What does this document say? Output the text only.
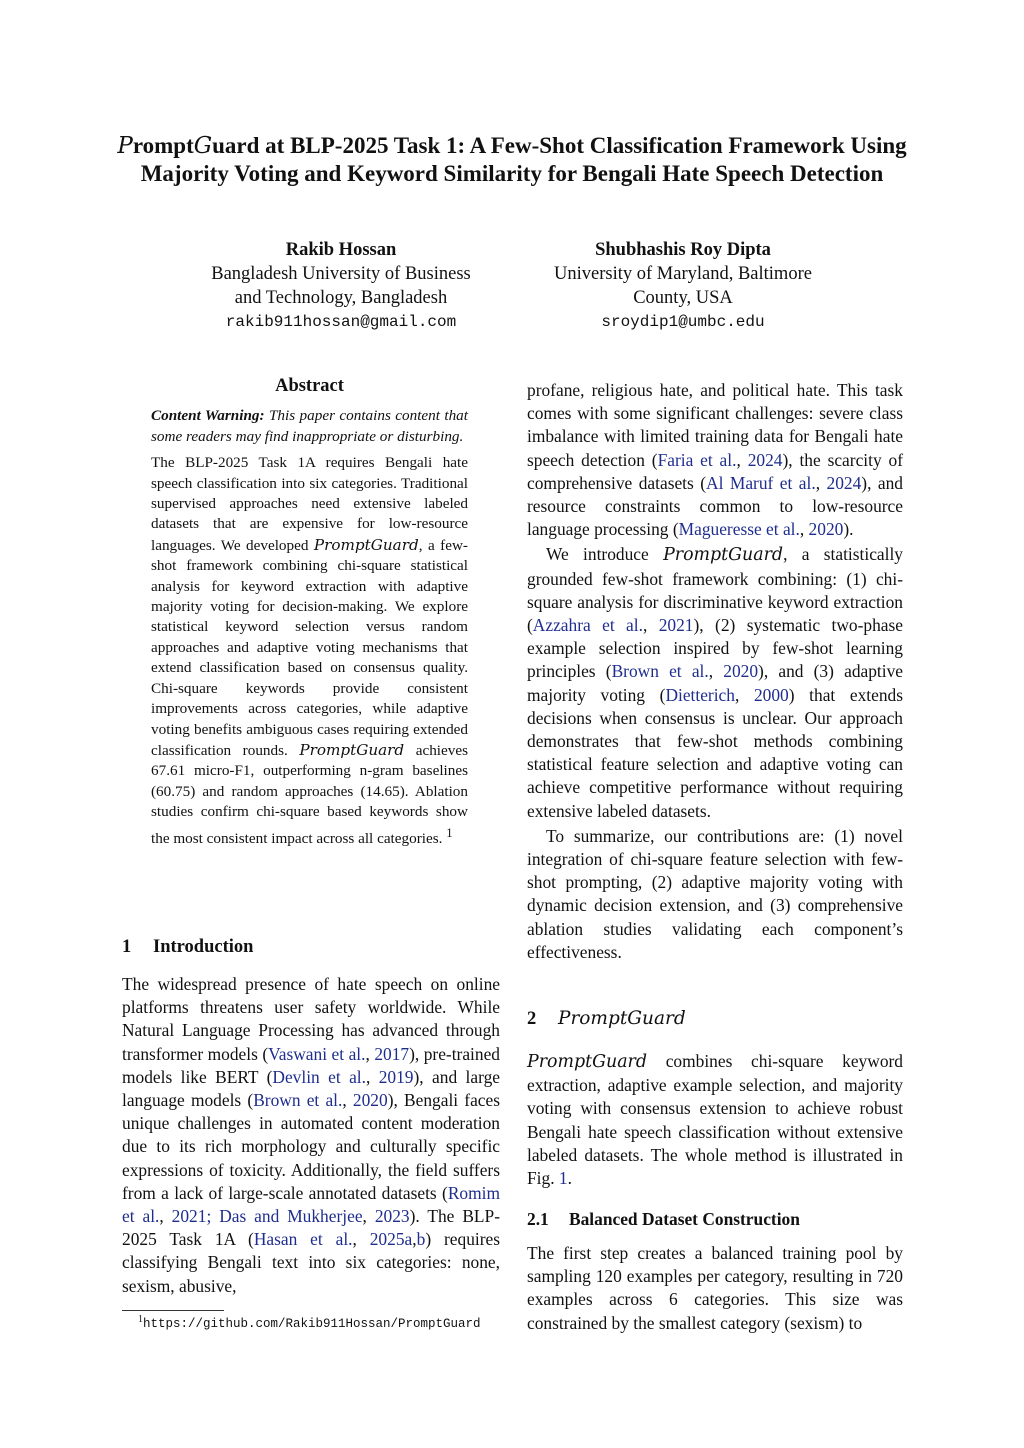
PromptGuard at BLP-2025 Task 1: A Few-Shot Classification Framework Using Majority Voting and Keyword Similarity for Bengali Hate Speech Detection
Rakib Hossan
Bangladesh University of Business
and Technology, Bangladesh
rakib911hossan@gmail.com
Shubhashis Roy Dipta
University of Maryland, Baltimore
County, USA
sroydip1@umbc.edu
Abstract

Content Warning: This paper contains content that some readers may find inappropriate or disturbing.

The BLP-2025 Task 1A requires Bengali hate speech classification into six categories. Traditional supervised approaches need extensive labeled datasets that are expensive for low-resource languages. We developed PromptGuard, a few-shot framework combining chi-square statistical analysis for keyword extraction with adaptive majority voting for decision-making. We explore statistical keyword selection versus random approaches and adaptive voting mechanisms that extend classification based on consensus quality. Chi-square keywords provide consistent improvements across categories, while adaptive voting benefits ambiguous cases requiring extended classification rounds. PromptGuard achieves 67.61 micro-F1, outperforming n-gram baselines (60.75) and random approaches (14.65). Ablation studies confirm chi-square based keywords show the most consistent impact across all categories. $^1$

1 Introduction

The widespread presence of hate speech on online platforms threatens user safety worldwide. While Natural Language Processing has advanced through transformer models (Vaswani et al., 2017), pre-trained models like BERT (Devlin et al., 2019), and large language models (Brown et al., 2020), Bengali faces unique challenges in automated content moderation due to its rich morphology and culturally specific expressions of toxicity. Additionally, the field suffers from a lack of large-scale annotated datasets (Romim et al., 2021; Das and Mukherjee, 2023). The BLP-2025 Task 1A (Hasan et al., 2025a,b) requires classifying Bengali text into six categories: none, sexism, abusive,

$^1$https://github.com/Rakib911Hossan/PromptGuard

profane, religious hate, and political hate. This task comes with some significant challenges: severe class imbalance with limited training data for Bengali hate speech detection (Faria et al., 2024), the scarcity of comprehensive datasets (Al Maruf et al., 2024), and resource constraints common to low-resource language processing (Magueresse et al., 2020).

We introduce PromptGuard, a statistically grounded few-shot framework combining: (1) chi-square analysis for discriminative keyword extraction (Azzahra et al., 2021), (2) systematic two-phase example selection inspired by few-shot learning principles (Brown et al., 2020), and (3) adaptive majority voting (Dietterich, 2000) that extends decisions when consensus is unclear. Our approach demonstrates that few-shot methods combining statistical feature selection and adaptive voting can achieve competitive performance without requiring extensive labeled datasets.

To summarize, our contributions are: (1) novel integration of chi-square feature selection with few-shot prompting, (2) adaptive majority voting with dynamic decision extension, and (3) comprehensive ablation studies validating each component’s effectiveness.

2 PromptGuard

PromptGuard combines chi-square keyword extraction, adaptive example selection, and majority voting with consensus extension to achieve robust Bengali hate speech classification without extensive labeled datasets. The whole method is illustrated in Fig. 1.

2.1 Balanced Dataset Construction

The first step creates a balanced training pool by sampling 120 examples per category, resulting in 720 examples across 6 categories. This size was constrained by the smallest category (sexism) to
